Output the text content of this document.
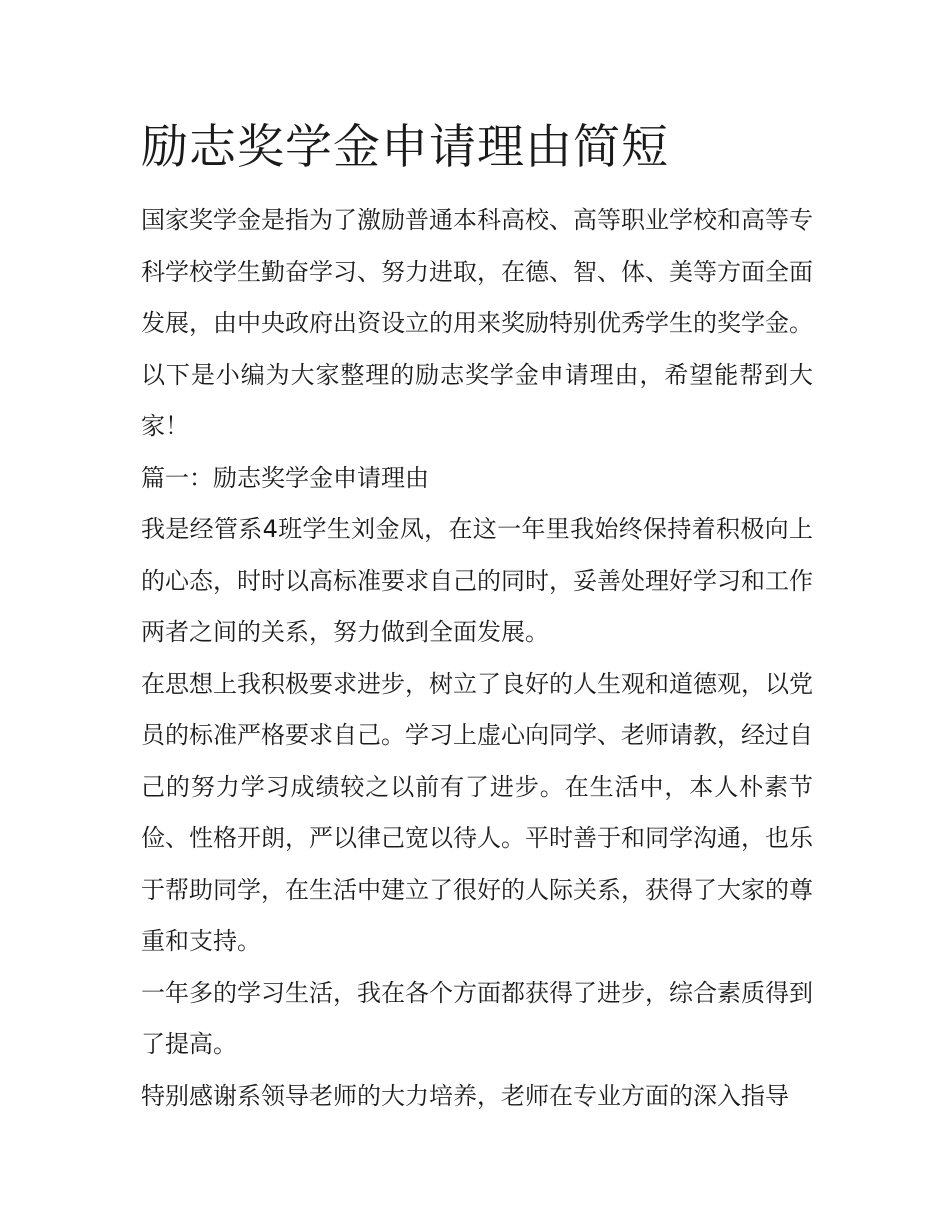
励志奖学金申请理由简短

国家奖学金是指为了激励普通本科高校、高等职业学校和高等专科学校学生勤奋学习、努力进取，在德、智、体、美等方面全面发展，由中央政府出资设立的用来奖励特别优秀学生的奖学金。以下是小编为大家整理的励志奖学金申请理由，希望能帮到大家！

篇一：励志奖学金申请理由

我是经管系4班学生刘金凤，在这一年里我始终保持着积极向上的心态，时时以高标准要求自己的同时，妥善处理好学习和工作两者之间的关系，努力做到全面发展。

在思想上我积极要求进步，树立了良好的人生观和道德观，以党员的标准严格要求自己。学习上虚心向同学、老师请教，经过自己的努力学习成绩较之以前有了进步。在生活中，本人朴素节俭、性格开朗，严以律己宽以待人。平时善于和同学沟通，也乐于帮助同学，在生活中建立了很好的人际关系，获得了大家的尊重和支持。

一年多的学习生活，我在各个方面都获得了进步，综合素质得到了提高。

特别感谢系领导老师的大力培养，老师在专业方面的深入指导
